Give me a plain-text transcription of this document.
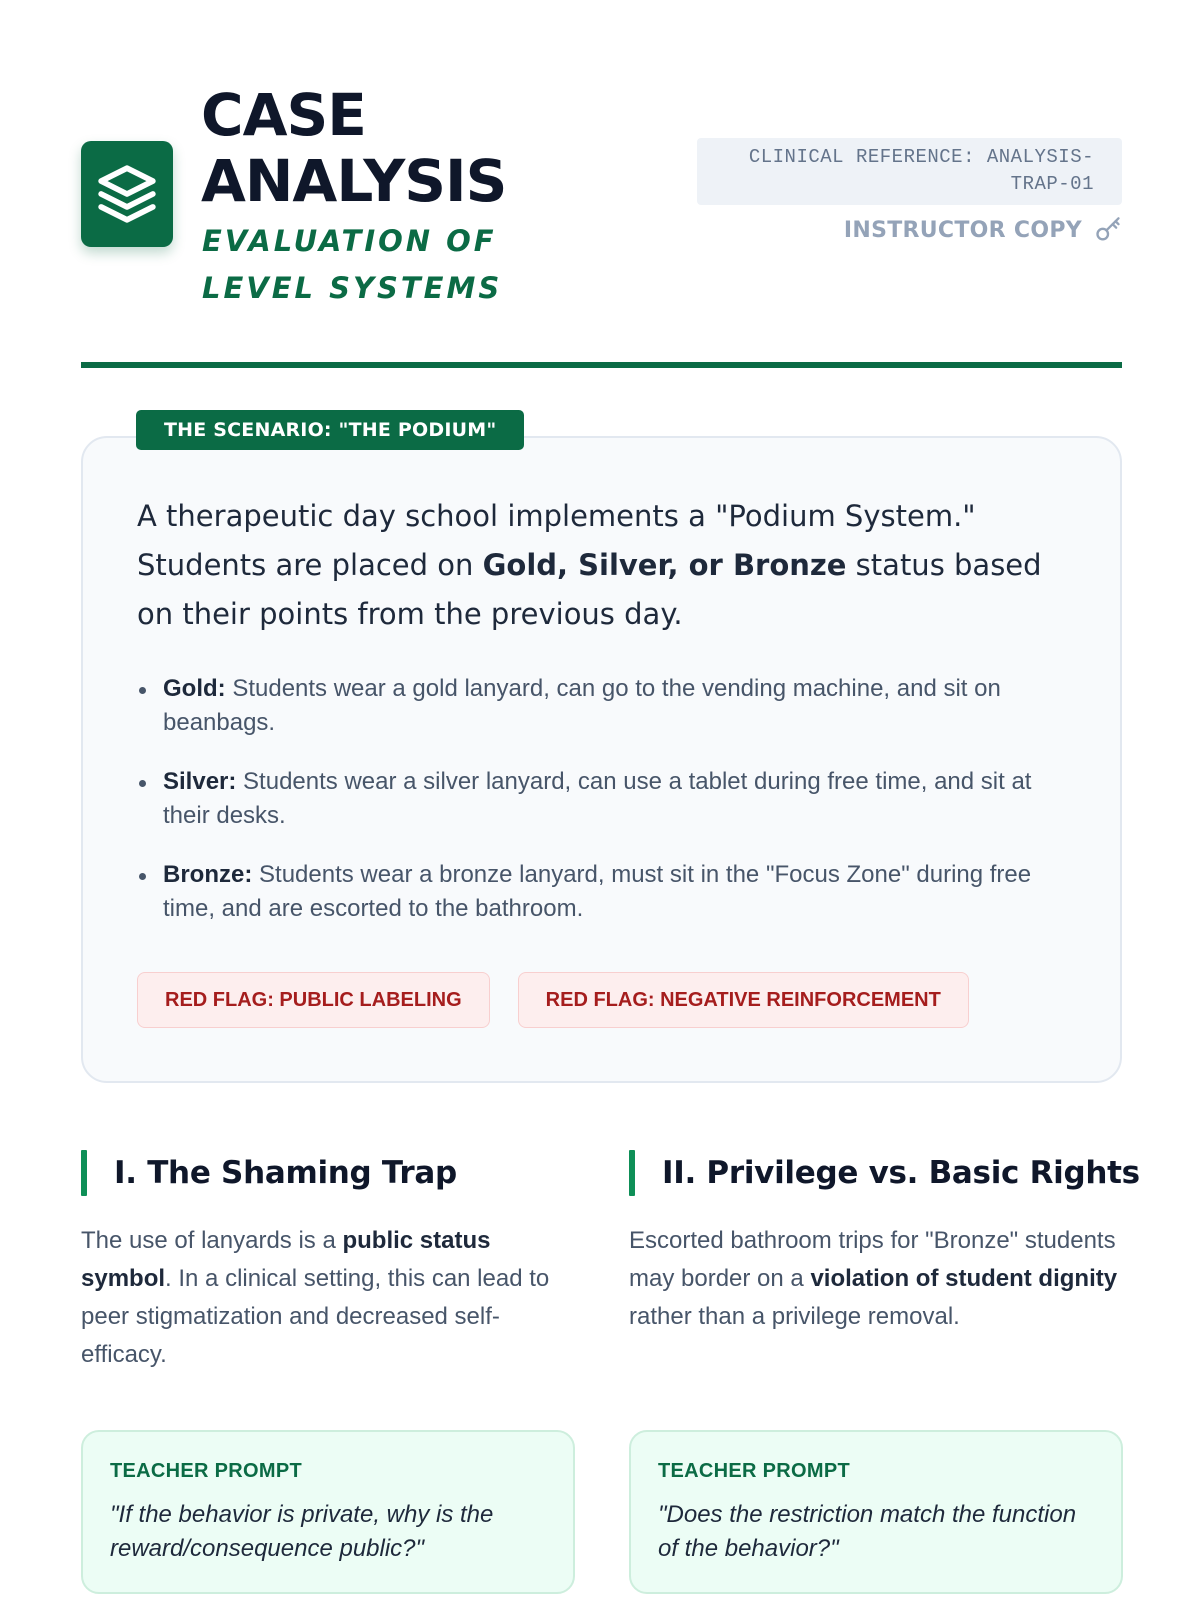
CASE ANALYSIS
EVALUATION OF LEVEL SYSTEMS
CLINICAL REFERENCE: ANALYSIS-TRAP-01
INSTRUCTOR COPY

A therapeutic day school implements a "Podium System." Students are placed on Gold, Silver, or Bronze status based on their points from the previous day.

Gold: Students wear a gold lanyard, can go to the vending machine, and sit on beanbags.
Silver: Students wear a silver lanyard, can use a tablet during free time, and sit at their desks.
Bronze: Students wear a bronze lanyard, must sit in the "Focus Zone" during free time, and are escorted to the bathroom.
RED FLAG: PUBLIC LABELING	RED FLAG: NEGATIVE REINFORCEMENT
THE SCENARIO: "THE PODIUM"
I. The Shaming Trap

The use of lanyards is a public status symbol. In a clinical setting, this can lead to peer stigmatization and decreased self-efficacy.

TEACHER PROMPT
"If the behavior is private, why is the reward/consequence public?"
II. Privilege vs. Basic Rights

Escorted bathroom trips for "Bronze" students may border on a violation of student dignity rather than a privilege removal.

TEACHER PROMPT
"Does the restriction match the function of the behavior?"
